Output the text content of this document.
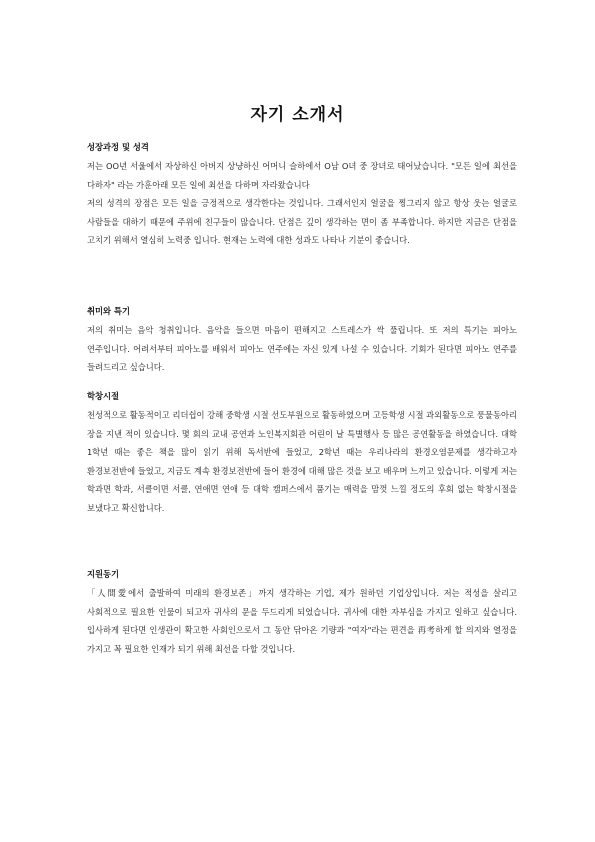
자기 소개서
성장과정 및 성격
저는 OO년 서울에서 자상하신 아버지 상냥하신 어머니 슬하에서 O남 O녀 중 장녀로 태어났습니다. "모든 일에 최선을 다하자" 라는 가훈아래 모든 일에 최선을 다하며 자라왔습니다
저의 성격의 장점은 모든 일을 긍정적으로 생각한다는 것입니다. 그래서인지 얼굴을 찡그리지 않고 항상 웃는 얼굴로 사람들을 대하기 때문에 주위에 친구들이 많습니다. 단점은 깊이 생각하는 면이 좀 부족합니다. 하지만 지금은 단점을 고치기 위해서 열심히 노력중 입니다. 현재는 노력에 대한 성과도 나타나 기분이 좋습니다.
취미와 특기
저의 취미는 음악 청취입니다. 음악을 들으면 마음이 편해지고 스트레스가 싹 풀립니다. 또 저의 특기는 피아노 연주입니다. 어려서부터 피아노를 배워서 피아노 연주에는 자신 있게 나설 수 있습니다. 기회가 된다면 피아노 연주를 들려드리고 싶습니다.
학창시절
천성적으로 활동적이고 리더쉽이 강해 중학생 시절 선도부원으로 활동하였으며 고등학생 시절 과외활동으로 풍물동아리 장을 지낸 적이 있습니다. 몇 회의 교내 공연과 노인복지회관 어린이 날 특별행사 등 많은 공연활동을 하였습니다. 대학 1학년 때는 좋은 책을 많이 읽기 위해 독서반에 들었고, 2학년 때는 우리나라의 환경오염문제를 생각하고자 환경보전반에 들었고, 지금도 계속 환경보전반에 들어 환경에 대해 많은 것을 보고 배우며 느끼고 있습니다. 이렇게 저는 학과면 학과, 서클이면 서클, 연애면 연애 등 대학 캠퍼스에서 품기는 매력을 맘껏 느낄 정도의 후회 없는 학창시절을 보냈다고 확신합니다.
지원동기
「人間愛에서 출발하여 미래의 환경보존」까지 생각하는 기업, 제가 원하던 기업상입니다. 저는 적성을 살리고 사회적으로 필요한 인물이 되고자 귀사의 문을 두드리게 되었습니다. 귀사에 대한 자부심을 가지고 일하고 싶습니다. 입사하게 된다면 인생관이 확고한 사회인으로서 그 동안 닦아온 기량과 "여자"라는 편견을 再考하게 할 의지와 열정을 가지고 꼭 필요한 인재가 되기 위해 최선을 다할 것입니다.
